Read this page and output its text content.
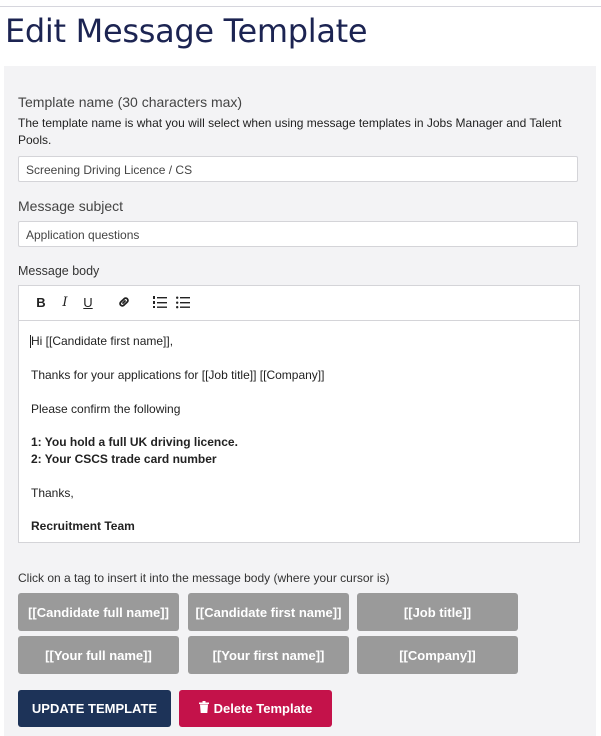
Edit Message Template
Template name (30 characters max)
The template name is what you will select when using message templates in Jobs Manager and Talent Pools.
Screening Driving Licence / CS
Message subject
Application questions
Message body
B	I	U
Hi [[Candidate first name]],
Thanks for your applications for [[Job title]] [[Company]]
Please confirm the following
1: You hold a full UK driving licence.
2: Your CSCS trade card number
Thanks,
Recruitment Team
Click on a tag to insert it into the message body (where your cursor is)
[[Candidate full name]]	[[Candidate first name]]	[[Job title]]
[[Your full name]]	[[Your first name]]	[[Company]]
UPDATE TEMPLATE	Delete Template
